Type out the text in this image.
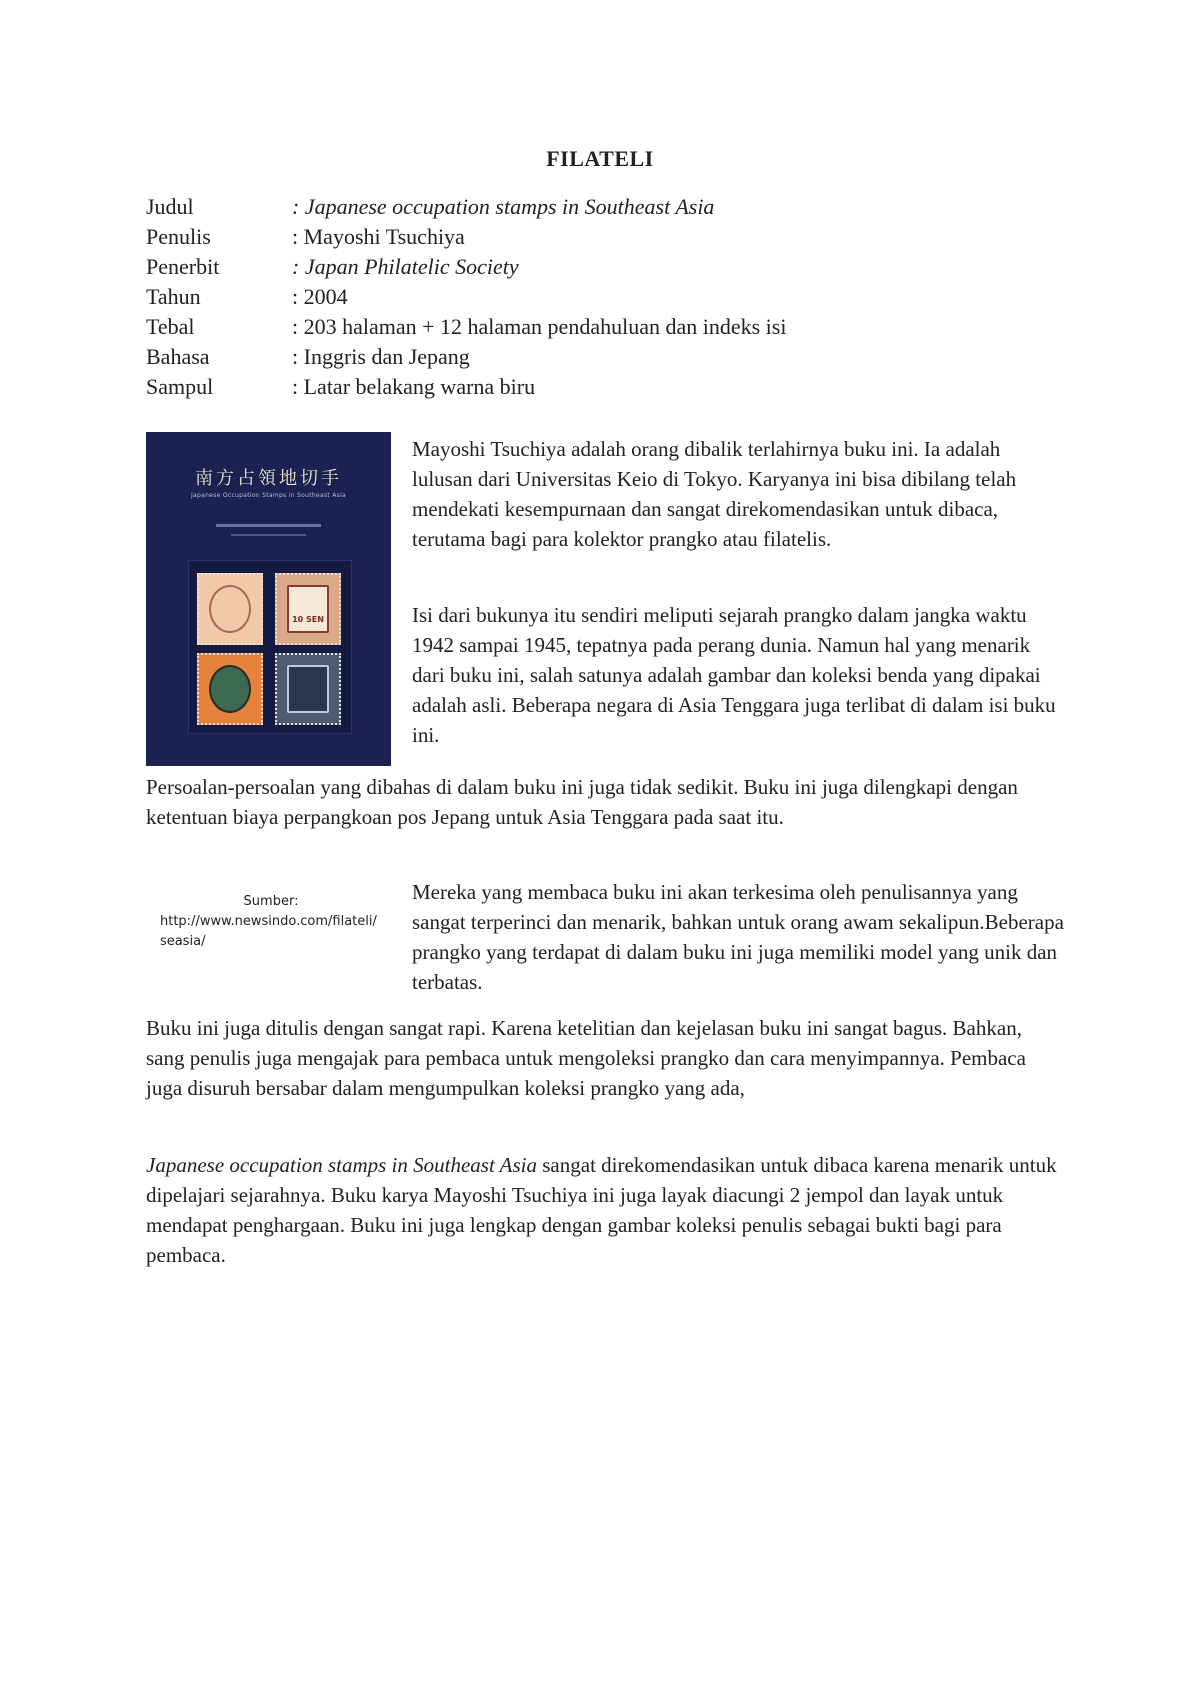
FILATELI
Judul	: Japanese occupation stamps in Southeast Asia
Penulis	: Mayoshi Tsuchiya
Penerbit	: Japan Philatelic Society
Tahun	: 2004
Tebal	: 203 halaman + 12 halaman pendahuluan dan indeks isi
Bahasa	: Inggris dan Jepang
Sampul	: Latar belakang warna biru
南方占領地切手
Japanese Occupation Stamps in Southeast Asia
10 SEN
Mayoshi Tsuchiya adalah orang dibalik terlahirnya buku ini. Ia adalah lulusan dari Universitas Keio di Tokyo. Karyanya ini bisa dibilang telah mendekati kesempurnaan dan sangat direkomendasikan untuk dibaca, terutama bagi para kolektor prangko atau filatelis.
Isi dari bukunya itu sendiri meliputi sejarah prangko dalam jangka waktu 1942 sampai 1945, tepatnya pada perang dunia. Namun hal yang menarik dari buku ini, salah satunya adalah gambar dan koleksi benda yang dipakai adalah asli. Beberapa negara di Asia Tenggara juga terlibat di dalam isi buku ini.
Persoalan-persoalan yang dibahas di dalam buku ini juga tidak sedikit. Buku ini juga dilengkapi dengan ketentuan biaya perpangkoan pos Jepang untuk Asia Tenggara pada saat itu.
Sumber:
http://www.newsindo.com/filateli/seasia/
Mereka yang membaca buku ini akan terkesima oleh penulisannya yang sangat terperinci dan menarik, bahkan untuk orang awam sekalipun.Beberapa prangko yang terdapat di dalam buku ini juga memiliki model yang unik dan terbatas.
Buku ini juga ditulis dengan sangat rapi. Karena ketelitian dan kejelasan buku ini sangat bagus. Bahkan, sang penulis juga mengajak para pembaca untuk mengoleksi prangko dan cara menyimpannya. Pembaca juga disuruh bersabar dalam mengumpulkan koleksi prangko yang ada,
Japanese occupation stamps in Southeast Asia sangat direkomendasikan untuk dibaca karena menarik untuk dipelajari sejarahnya. Buku karya Mayoshi Tsuchiya ini juga layak diacungi 2 jempol dan layak untuk mendapat penghargaan. Buku ini juga lengkap dengan gambar koleksi penulis sebagai bukti bagi para pembaca.
